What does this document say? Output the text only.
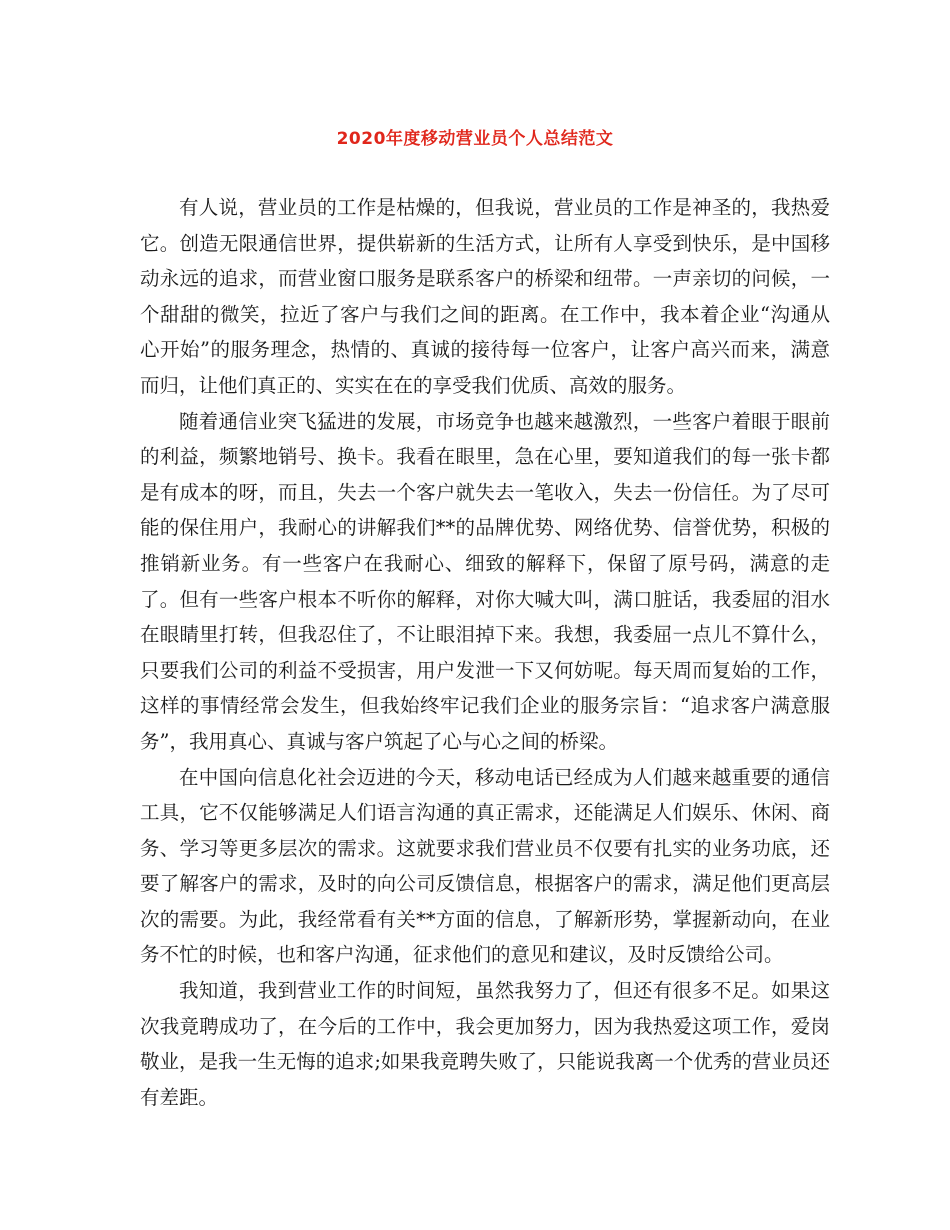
2020年度移动营业员个人总结范文

有人说，营业员的工作是枯燥的，但我说，营业员的工作是神圣的，我热爱它。创造无限通信世界，提供崭新的生活方式，让所有人享受到快乐，是中国移动永远的追求，而营业窗口服务是联系客户的桥梁和纽带。一声亲切的问候，一个甜甜的微笑，拉近了客户与我们之间的距离。在工作中，我本着企业“沟通从心开始”的服务理念，热情的、真诚的接待每一位客户，让客户高兴而来，满意而归，让他们真正的、实实在在的享受我们优质、高效的服务。

随着通信业突飞猛进的发展，市场竞争也越来越激烈，一些客户着眼于眼前的利益，频繁地销号、换卡。我看在眼里，急在心里，要知道我们的每一张卡都是有成本的呀，而且，失去一个客户就失去一笔收入，失去一份信任。为了尽可能的保住用户，我耐心的讲解我们**的品牌优势、网络优势、信誉优势，积极的推销新业务。有一些客户在我耐心、细致的解释下，保留了原号码，满意的走了。但有一些客户根本不听你的解释，对你大喊大叫，满口脏话，我委屈的泪水在眼睛里打转，但我忍住了，不让眼泪掉下来。我想，我委屈一点儿不算什么，只要我们公司的利益不受损害，用户发泄一下又何妨呢。每天周而复始的工作，这样的事情经常会发生，但我始终牢记我们企业的服务宗旨：“追求客户满意服务”，我用真心、真诚与客户筑起了心与心之间的桥梁。

在中国向信息化社会迈进的今天，移动电话已经成为人们越来越重要的通信工具，它不仅能够满足人们语言沟通的真正需求，还能满足人们娱乐、休闲、商务、学习等更多层次的需求。这就要求我们营业员不仅要有扎实的业务功底，还要了解客户的需求，及时的向公司反馈信息，根据客户的需求，满足他们更高层次的需要。为此，我经常看有关**方面的信息，了解新形势，掌握新动向，在业务不忙的时候，也和客户沟通，征求他们的意见和建议，及时反馈给公司。

我知道，我到营业工作的时间短，虽然我努力了，但还有很多不足。如果这次我竟聘成功了，在今后的工作中，我会更加努力，因为我热爱这项工作，爱岗敬业，是我一生无悔的追求;如果我竟聘失败了，只能说我离一个优秀的营业员还有差距。
